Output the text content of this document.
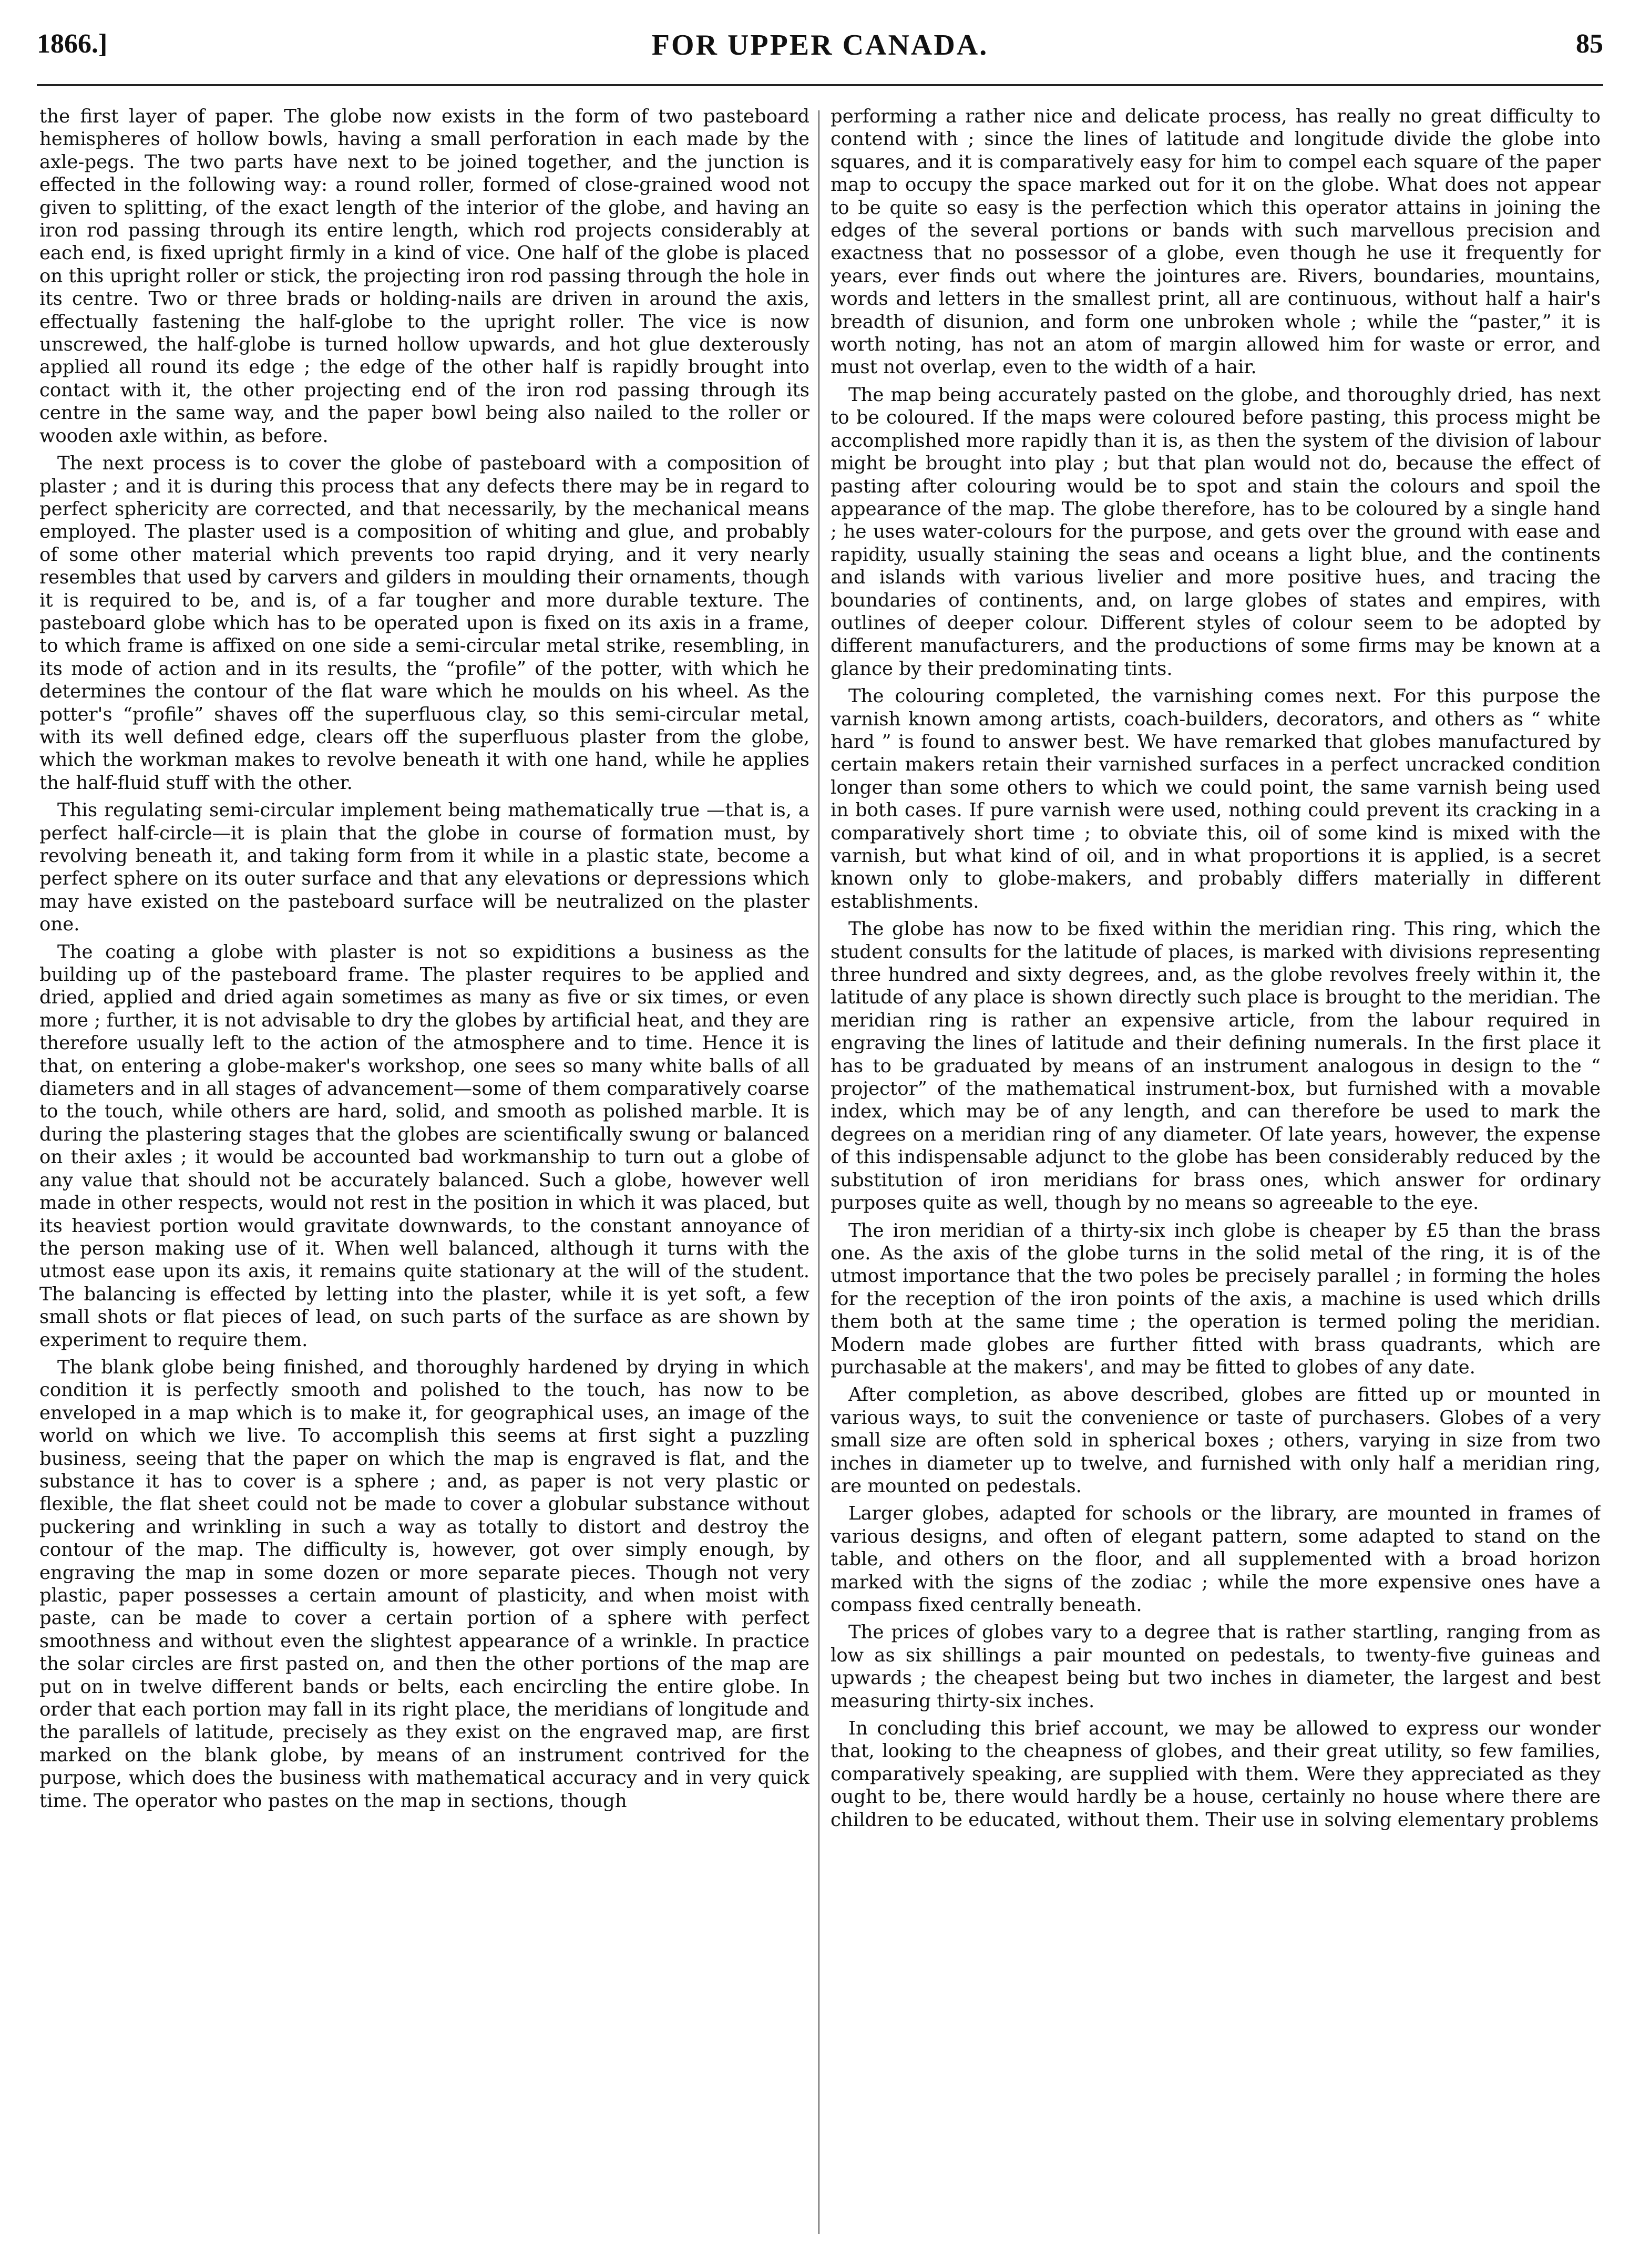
1866.]	FOR UPPER CANADA.	85

the first layer of paper. The globe now exists in the form of two pasteboard hemispheres of hollow bowls, having a small perforation in each made by the axle-pegs. The two parts have next to be joined together, and the junction is effected in the following way: a round roller, formed of close-grained wood not given to splitting, of the exact length of the interior of the globe, and having an iron rod passing through its entire length, which rod projects considerably at each end, is fixed upright firmly in a kind of vice. One half of the globe is placed on this upright roller or stick, the projecting iron rod passing through the hole in its centre. Two or three brads or holding-nails are driven in around the axis, effectually fastening the half-globe to the upright roller. The vice is now unscrewed, the half-globe is turned hollow upwards, and hot glue dexterously applied all round its edge ; the edge of the other half is rapidly brought into contact with it, the other projecting end of the iron rod passing through its centre in the same way, and the paper bowl being also nailed to the roller or wooden axle within, as before.

The next process is to cover the globe of pasteboard with a composition of plaster ; and it is during this process that any defects there may be in regard to perfect sphericity are corrected, and that necessarily, by the mechanical means employed. The plaster used is a composition of whiting and glue, and probably of some other material which prevents too rapid drying, and it very nearly resembles that used by carvers and gilders in moulding their ornaments, though it is required to be, and is, of a far tougher and more durable texture. The pasteboard globe which has to be operated upon is fixed on its axis in a frame, to which frame is affixed on one side a semi-circular metal strike, resembling, in its mode of action and in its results, the “profile” of the potter, with which he determines the contour of the flat ware which he moulds on his wheel. As the potter's “profile” shaves off the superfluous clay, so this semi-circular metal, with its well defined edge, clears off the superfluous plaster from the globe, which the workman makes to revolve beneath it with one hand, while he applies the half-fluid stuff with the other.

This regulating semi-circular implement being mathematically true —that is, a perfect half-circle—it is plain that the globe in course of formation must, by revolving beneath it, and taking form from it while in a plastic state, become a perfect sphere on its outer surface and that any elevations or depressions which may have existed on the pasteboard surface will be neutralized on the plaster one.

The coating a globe with plaster is not so expiditions a business as the building up of the pasteboard frame. The plaster requires to be applied and dried, applied and dried again sometimes as many as five or six times, or even more ; further, it is not advisable to dry the globes by artificial heat, and they are therefore usually left to the action of the atmosphere and to time. Hence it is that, on entering a globe-maker's workshop, one sees so many white balls of all diameters and in all stages of advancement—some of them comparatively coarse to the touch, while others are hard, solid, and smooth as polished marble. It is during the plastering stages that the globes are scientifically swung or balanced on their axles ; it would be accounted bad workmanship to turn out a globe of any value that should not be accurately balanced. Such a globe, however well made in other respects, would not rest in the position in which it was placed, but its heaviest portion would gravitate downwards, to the constant annoyance of the person making use of it. When well balanced, although it turns with the utmost ease upon its axis, it remains quite stationary at the will of the student. The balancing is effected by letting into the plaster, while it is yet soft, a few small shots or flat pieces of lead, on such parts of the surface as are shown by experiment to require them.

The blank globe being finished, and thoroughly hardened by drying in which condition it is perfectly smooth and polished to the touch, has now to be enveloped in a map which is to make it, for geographical uses, an image of the world on which we live. To accomplish this seems at first sight a puzzling business, seeing that the paper on which the map is engraved is flat, and the substance it has to cover is a sphere ; and, as paper is not very plastic or flexible, the flat sheet could not be made to cover a globular substance without puckering and wrinkling in such a way as totally to distort and destroy the contour of the map. The difficulty is, however, got over simply enough, by engraving the map in some dozen or more separate pieces. Though not very plastic, paper possesses a certain amount of plasticity, and when moist with paste, can be made to cover a certain portion of a sphere with perfect smoothness and without even the slightest appearance of a wrinkle. In practice the solar circles are first pasted on, and then the other portions of the map are put on in twelve different bands or belts, each encircling the entire globe. In order that each portion may fall in its right place, the meridians of longitude and the parallels of latitude, precisely as they exist on the engraved map, are first marked on the blank globe, by means of an instrument contrived for the purpose, which does the business with mathematical accuracy and in very quick time. The operator who pastes on the map in sections, though

performing a rather nice and delicate process, has really no great difficulty to contend with ; since the lines of latitude and longitude divide the globe into squares, and it is comparatively easy for him to compel each square of the paper map to occupy the space marked out for it on the globe. What does not appear to be quite so easy is the perfection which this operator attains in joining the edges of the several portions or bands with such marvellous precision and exactness that no possessor of a globe, even though he use it frequently for years, ever finds out where the jointures are. Rivers, boundaries, mountains, words and letters in the smallest print, all are continuous, without half a hair's breadth of disunion, and form one unbroken whole ; while the “paster,” it is worth noting, has not an atom of margin allowed him for waste or error, and must not overlap, even to the width of a hair.

The map being accurately pasted on the globe, and thoroughly dried, has next to be coloured. If the maps were coloured before pasting, this process might be accomplished more rapidly than it is, as then the system of the division of labour might be brought into play ; but that plan would not do, because the effect of pasting after colouring would be to spot and stain the colours and spoil the appearance of the map. The globe therefore, has to be coloured by a single hand ; he uses water-colours for the purpose, and gets over the ground with ease and rapidity, usually staining the seas and oceans a light blue, and the continents and islands with various livelier and more positive hues, and tracing the boundaries of continents, and, on large globes of states and empires, with outlines of deeper colour. Different styles of colour seem to be adopted by different manufacturers, and the productions of some firms may be known at a glance by their predominating tints.

The colouring completed, the varnishing comes next. For this purpose the varnish known among artists, coach-builders, decorators, and others as “ white hard ” is found to answer best. We have remarked that globes manufactured by certain makers retain their varnished surfaces in a perfect uncracked condition longer than some others to which we could point, the same varnish being used in both cases. If pure varnish were used, nothing could prevent its cracking in a comparatively short time ; to obviate this, oil of some kind is mixed with the varnish, but what kind of oil, and in what proportions it is applied, is a secret known only to globe-makers, and probably differs materially in different establishments.

The globe has now to be fixed within the meridian ring. This ring, which the student consults for the latitude of places, is marked with divisions representing three hundred and sixty degrees, and, as the globe revolves freely within it, the latitude of any place is shown directly such place is brought to the meridian. The meridian ring is rather an expensive article, from the labour required in engraving the lines of latitude and their defining numerals. In the first place it has to be graduated by means of an instrument analogous in design to the “ projector” of the mathematical instrument-box, but furnished with a movable index, which may be of any length, and can therefore be used to mark the degrees on a meridian ring of any diameter. Of late years, however, the expense of this indispensable adjunct to the globe has been considerably reduced by the substitution of iron meridians for brass ones, which answer for ordinary purposes quite as well, though by no means so agreeable to the eye.

The iron meridian of a thirty-six inch globe is cheaper by £5 than the brass one. As the axis of the globe turns in the solid metal of the ring, it is of the utmost importance that the two poles be precisely parallel ; in forming the holes for the reception of the iron points of the axis, a machine is used which drills them both at the same time ; the operation is termed poling the meridian. Modern made globes are further fitted with brass quadrants, which are purchasable at the makers', and may be fitted to globes of any date.

After completion, as above described, globes are fitted up or mounted in various ways, to suit the convenience or taste of purchasers. Globes of a very small size are often sold in spherical boxes ; others, varying in size from two inches in diameter up to twelve, and furnished with only half a meridian ring, are mounted on pedestals.

Larger globes, adapted for schools or the library, are mounted in frames of various designs, and often of elegant pattern, some adapted to stand on the table, and others on the floor, and all supplemented with a broad horizon marked with the signs of the zodiac ; while the more expensive ones have a compass fixed centrally beneath.

The prices of globes vary to a degree that is rather startling, ranging from as low as six shillings a pair mounted on pedestals, to twenty-five guineas and upwards ; the cheapest being but two inches in diameter, the largest and best measuring thirty-six inches.

In concluding this brief account, we may be allowed to express our wonder that, looking to the cheapness of globes, and their great utility, so few families, comparatively speaking, are supplied with them. Were they appreciated as they ought to be, there would hardly be a house, certainly no house where there are children to be educated, without them. Their use in solving elementary problems
